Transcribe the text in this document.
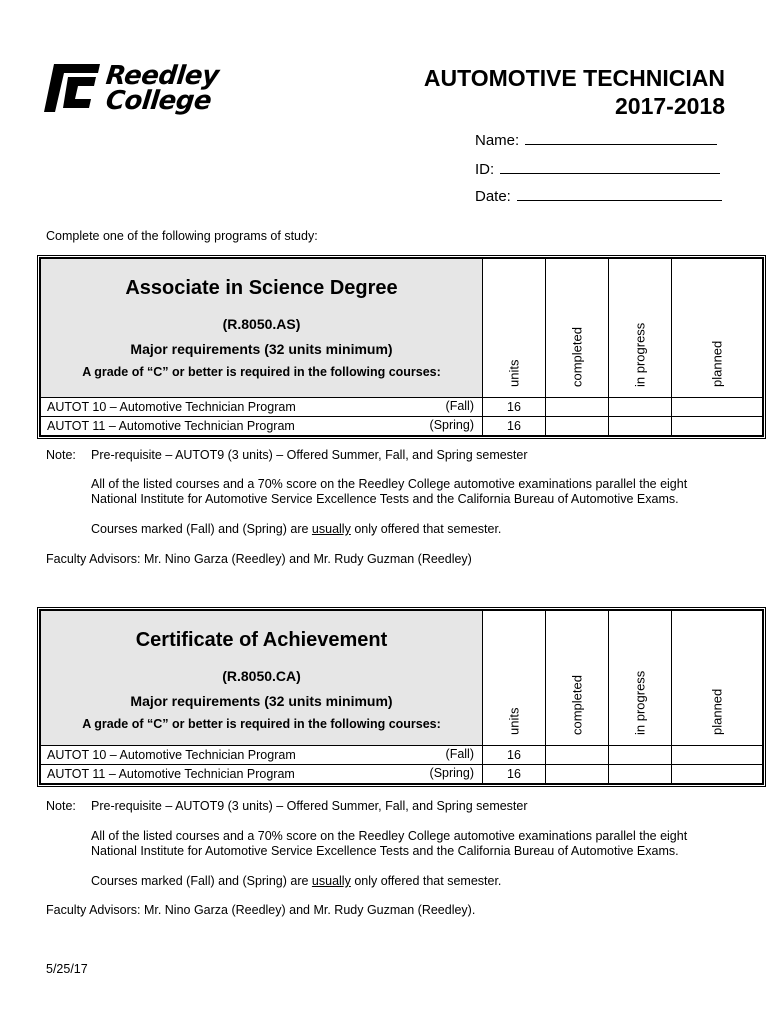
Reedley
College
AUTOMOTIVE TECHNICIAN
2017-2018
Name:
ID:
Date:
Complete one of the following programs of study:
Associate in Science Degree
(R.8050.AS)
Major requirements (32 units minimum)
A grade of “C” or better is required in the following courses:	units	completed	in progress	planned

AUTOT 10 – Automotive Technician Program (Fall)	16			
AUTOT 11 – Automotive Technician Program (Spring)	16			
Note: Pre-requisite – AUTOT9 (3 units) – Offered Summer, Fall, and Spring semester
All of the listed courses and a 70% score on the Reedley College automotive examinations parallel the eight
National Institute for Automotive Service Excellence Tests and the California Bureau of Automotive Exams.
Courses marked (Fall) and (Spring) are usually only offered that semester.
Faculty Advisors: Mr. Nino Garza (Reedley) and Mr. Rudy Guzman (Reedley)
Certificate of Achievement
(R.8050.CA)
Major requirements (32 units minimum)
A grade of “C” or better is required in the following courses:	units	completed	in progress	planned

AUTOT 10 – Automotive Technician Program (Fall)	16			
AUTOT 11 – Automotive Technician Program (Spring)	16			
Note: Pre-requisite – AUTOT9 (3 units) – Offered Summer, Fall, and Spring semester
All of the listed courses and a 70% score on the Reedley College automotive examinations parallel the eight
National Institute for Automotive Service Excellence Tests and the California Bureau of Automotive Exams.
Courses marked (Fall) and (Spring) are usually only offered that semester.
Faculty Advisors: Mr. Nino Garza (Reedley) and Mr. Rudy Guzman (Reedley).
5/25/17
